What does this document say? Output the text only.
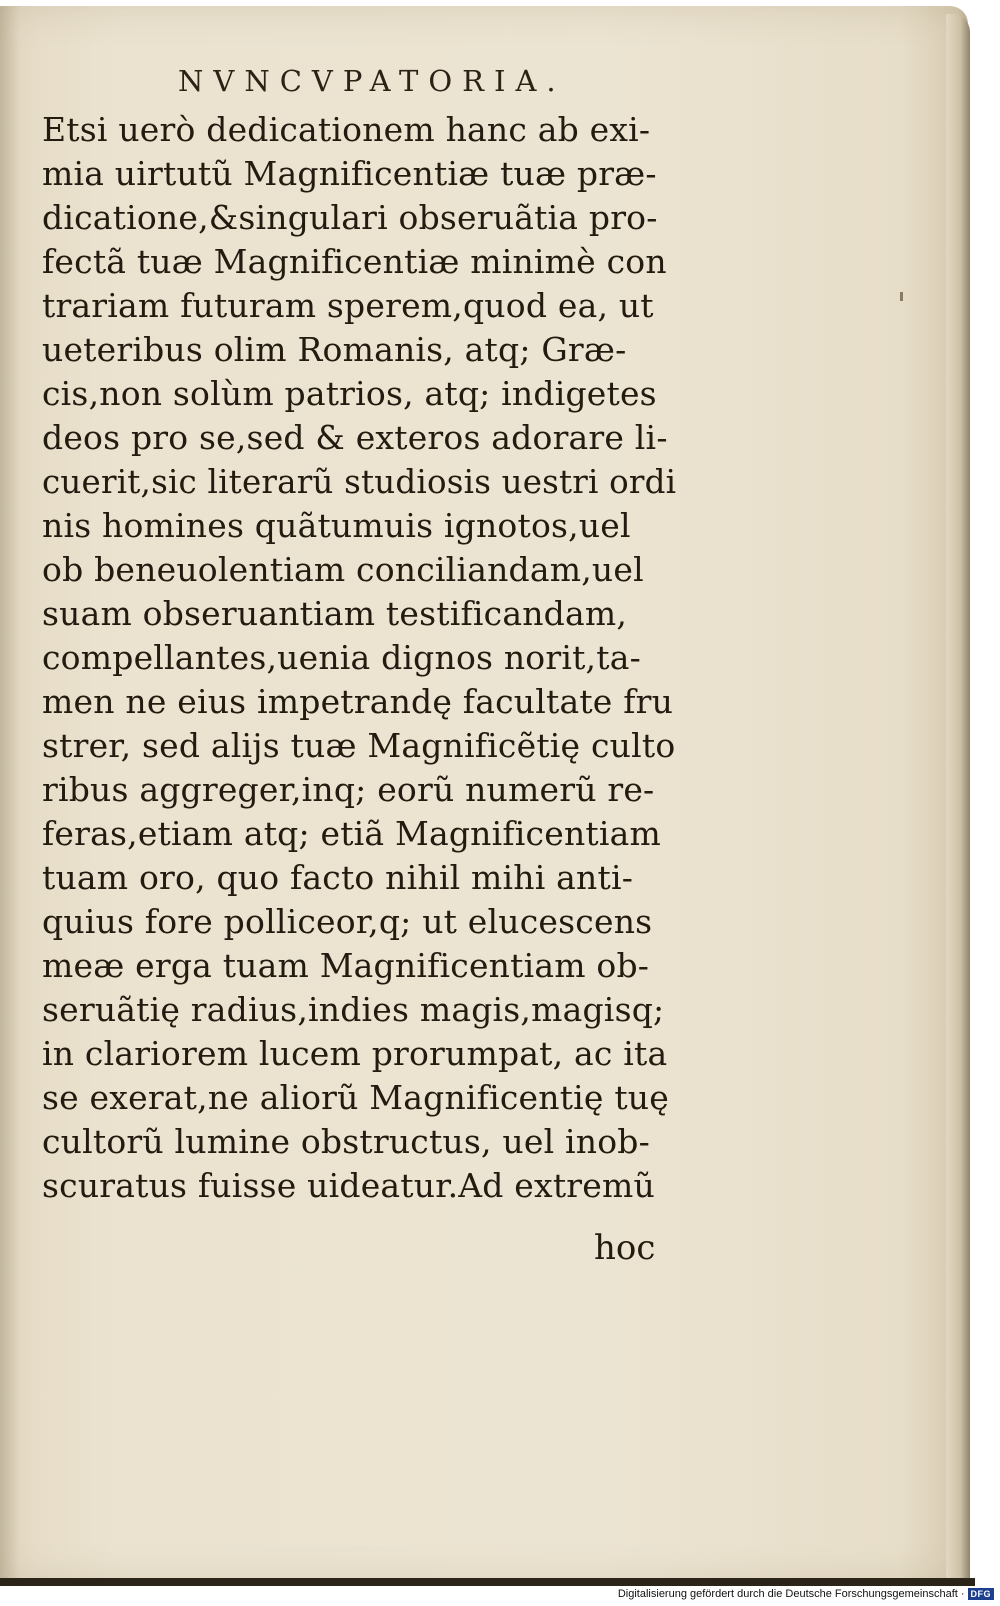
NVNCVPATORIA.
Etsi uerò dedicationem hanc ab exi-
mia uirtutũ Magnificentiæ tuæ præ-
dicatione,&singulari obseruãtia pro-
fectã tuæ Magnificentiæ minimè con
trariam futuram sperem,quod ea, ut
ueteribus olim Romanis, atq; Græ-
cis,non solùm patrios, atq; indigetes
deos pro se,sed & exteros adorare li-
cuerit,sic literarũ studiosis uestri ordi
nis homines quãtumuis ignotos,uel
ob beneuolentiam conciliandam,uel
suam obseruantiam testificandam,
compellantes,uenia dignos norit,ta-
men ne eius impetrandę facultate fru
strer, sed alijs tuæ Magnificẽtię culto
ribus aggreger,inq; eorũ numerũ re-
feras,etiam atq; etiã Magnificentiam
tuam oro, quo facto nihil mihi anti-
quius fore polliceor,q; ut elucescens
meæ erga tuam Magnificentiam ob-
seruãtię radius,indies magis,magisq;
in clariorem lucem prorumpat, ac ita
se exerat,ne aliorũ Magnificentię tuę
cultorũ lumine obstructus, uel inob-
scuratus fuisse uideatur.Ad extremũ
hoc
Digitalisierung gefördert durch die Deutsche Forschungsgemeinschaft · DFG
